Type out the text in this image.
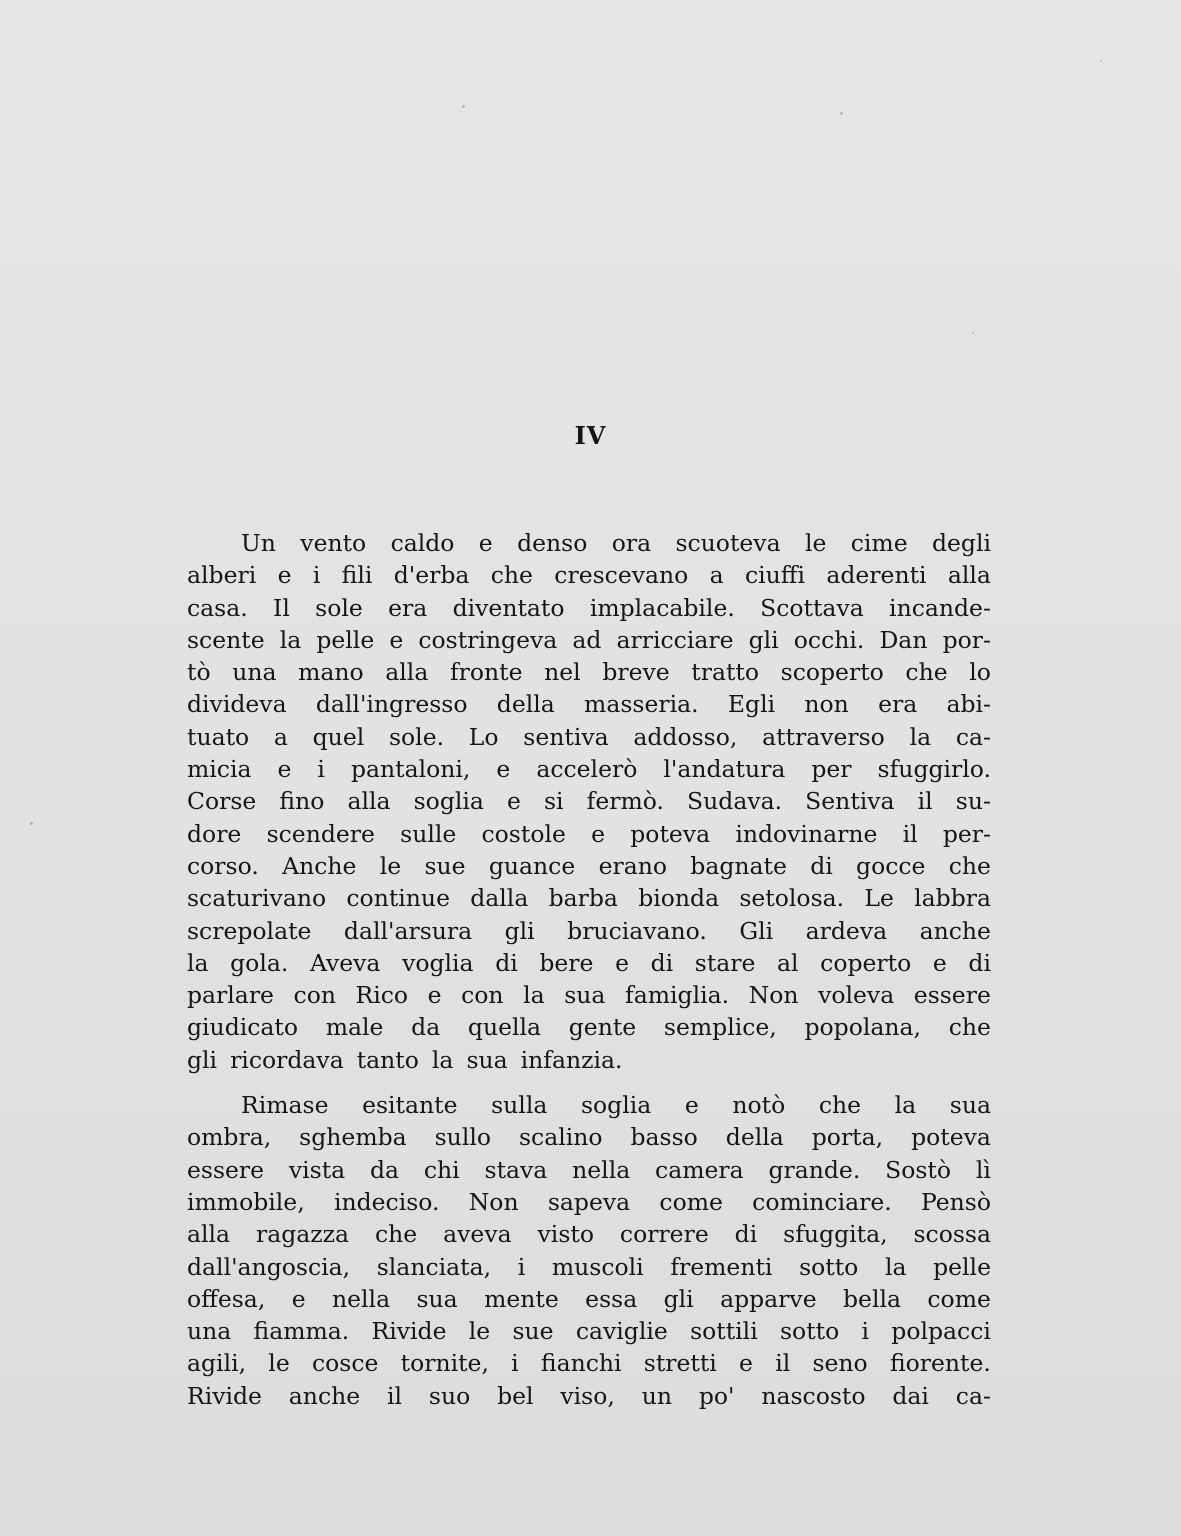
IV
Un vento caldo e denso ora scuoteva le cime degli
alberi e i fili d'erba che crescevano a ciuffi aderenti alla
casa. Il sole era diventato implacabile. Scottava incande-
scente la pelle e costringeva ad arricciare gli occhi. Dan por-
tò una mano alla fronte nel breve tratto scoperto che lo
divideva dall'ingresso della masseria. Egli non era abi-
tuato a quel sole. Lo sentiva addosso, attraverso la ca-
micia e i pantaloni, e accelerò l'andatura per sfuggirlo.
Corse fino alla soglia e si fermò. Sudava. Sentiva il su-
dore scendere sulle costole e poteva indovinarne il per-
corso. Anche le sue guance erano bagnate di gocce che
scaturivano continue dalla barba bionda setolosa. Le labbra
screpolate dall'arsura gli bruciavano. Gli ardeva anche
la gola. Aveva voglia di bere e di stare al coperto e di
parlare con Rico e con la sua famiglia. Non voleva essere
giudicato male da quella gente semplice, popolana, che
gli ricordava tanto la sua infanzia.
Rimase esitante sulla soglia e notò che la sua
ombra, sghemba sullo scalino basso della porta, poteva
essere vista da chi stava nella camera grande. Sostò lì
immobile, indeciso. Non sapeva come cominciare. Pensò
alla ragazza che aveva visto correre di sfuggita, scossa
dall'angoscia, slanciata, i muscoli frementi sotto la pelle
offesa, e nella sua mente essa gli apparve bella come
una fiamma. Rivide le sue caviglie sottili sotto i polpacci
agili, le cosce tornite, i fianchi stretti e il seno fiorente.
Rivide anche il suo bel viso, un po' nascosto dai ca-
